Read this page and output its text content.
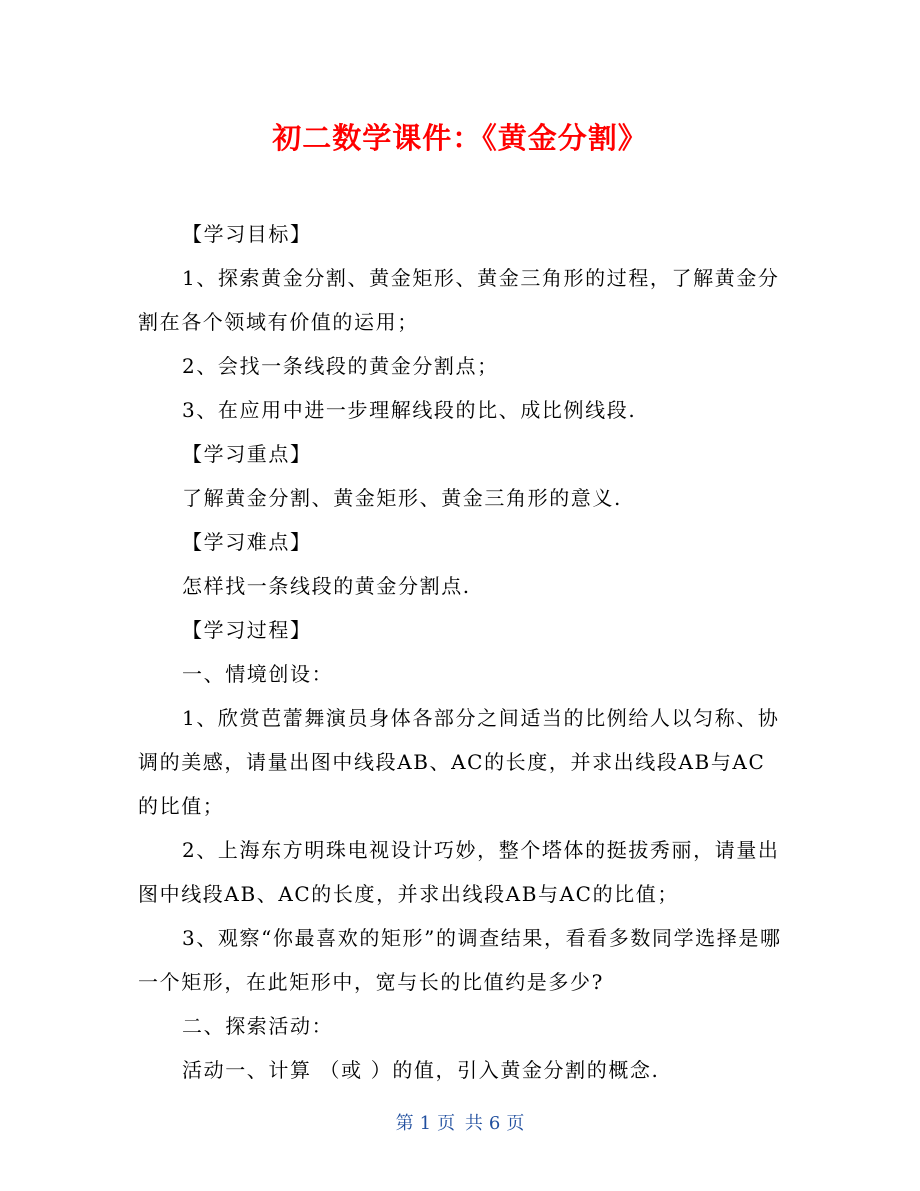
初二数学课件：《黄金分割》

【学习目标】

1、探索黄金分割、黄金矩形、黄金三角形的过程，了解黄金分割在各个领域有价值的运用；

2、会找一条线段的黄金分割点；

3、在应用中进一步理解线段的比、成比例线段.

【学习重点】

了解黄金分割、黄金矩形、黄金三角形的意义.

【学习难点】

怎样找一条线段的黄金分割点.

【学习过程】

一、情境创设：

1、欣赏芭蕾舞演员身体各部分之间适当的比例给人以匀称、协调的美感，请量出图中线段AB、AC的长度，并求出线段AB与AC的比值；

2、上海东方明珠电视设计巧妙，整个塔体的挺拔秀丽，请量出图中线段AB、AC的长度，并求出线段AB与AC的比值；

3、观察“你最喜欢的矩形”的调查结果，看看多数同学选择是哪一个矩形，在此矩形中，宽与长的比值约是多少?

二、探索活动：

活动一、计算 （或 ）的值，引入黄金分割的概念.

第 1 页 共 6 页
